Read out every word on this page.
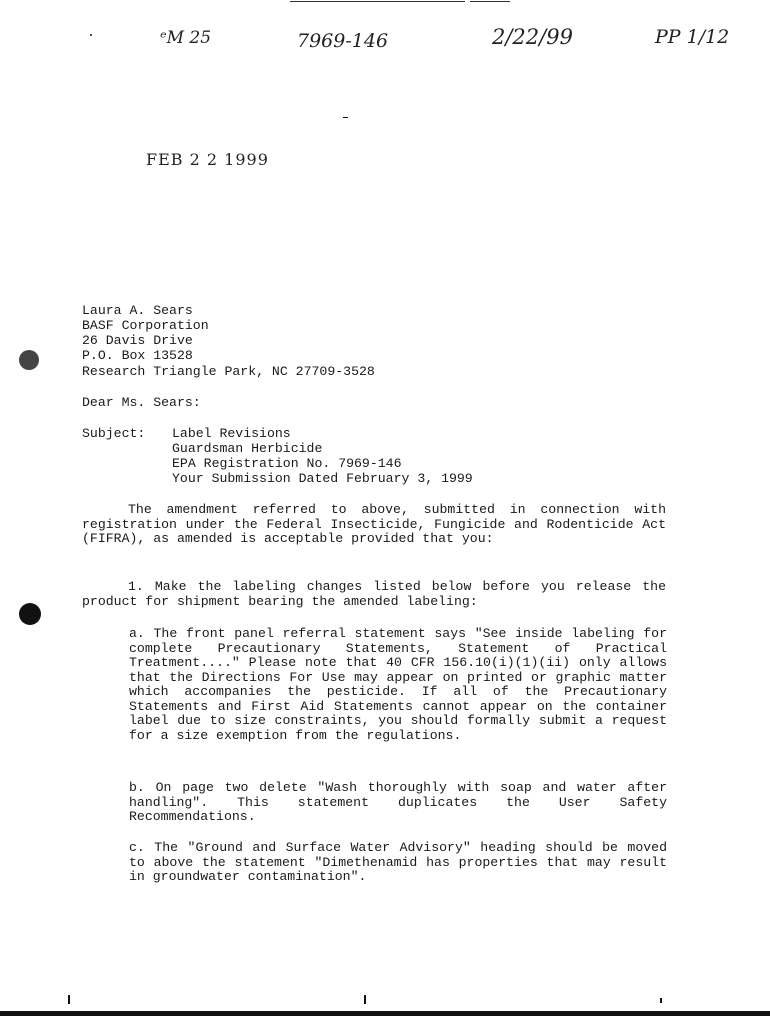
ᵉM 25	7969-146	2/22/99	PP 1/12
FEB 2 2 1999
Laura A. Sears
BASF Corporation
26 Davis Drive
P.O. Box 13528
Research Triangle Park, NC 27709-3528
Dear Ms. Sears:
Subject: Label Revisions
Guardsman Herbicide
EPA Registration No. 7969-146
Your Submission Dated February 3, 1999

The amendment referred to above, submitted in connection with registration under the Federal Insecticide, Fungicide and Rodenticide Act (FIFRA), as amended is acceptable provided that you:

1. Make the labeling changes listed below before you release the product for shipment bearing the amended labeling:

a. The front panel referral statement says "See inside labeling for complete Precautionary Statements, Statement of Practical Treatment...." Please note that 40 CFR 156.10(i)(1)(ii) only allows that the Directions For Use may appear on printed or graphic matter which accompanies the pesticide. If all of the Precautionary Statements and First Aid Statements cannot appear on the container label due to size constraints, you should formally submit a request for a size exemption from the regulations.

b. On page two delete "Wash thoroughly with soap and water after handling". This statement duplicates the User Safety Recommendations.

c. The "Ground and Surface Water Advisory" heading should be moved to above the statement "Dimethenamid has properties that may result in groundwater contamination".
